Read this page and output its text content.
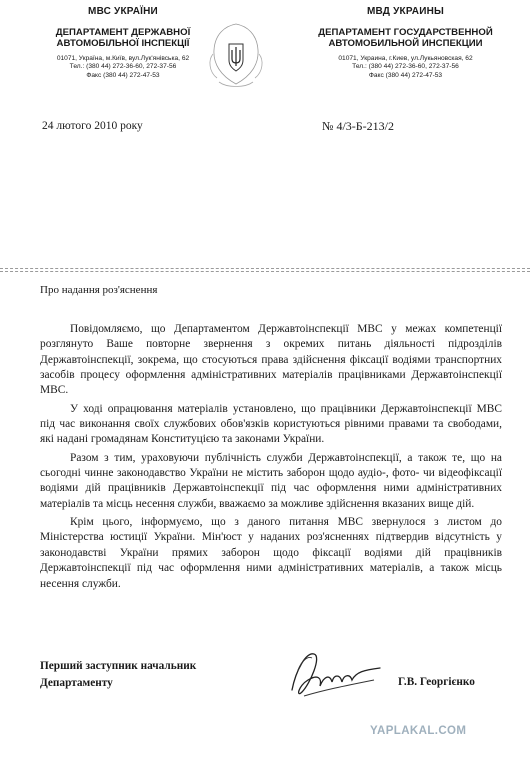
МВС УКРАЇНИ
ДЕПАРТАМЕНТ ДЕРЖАВНОЇ
АВТОМОБІЛЬНОЇ ІНСПЕКЦІЇ
01071, Україна, м.Київ, вул.Лук'янівська, 62
Тел.: (380 44) 272-36-60, 272-37-56
Факс (380 44) 272-47-53
МВД УКРАИНЫ
ДЕПАРТАМЕНТ ГОСУДАРСТВЕННОЙ
АВТОМОБИЛЬНОЙ ИНСПЕКЦИИ
01071, Украина, г.Киев, ул.Лукьяновская, 62
Тел.: (380 44) 272-36-60, 272-37-56
Факс (380 44) 272-47-53
24 лютого 2010 року	№ 4/3-Б-213/2
Про надання роз'яснення

Повідомляємо, що Департаментом Державтоінспекції МВС у межах компетенції розглянуто Ваше повторне звернення з окремих питань діяльності підрозділів Державтоінспекції, зокрема, що стосуються права здійснення фіксації водіями транспортних засобів процесу оформлення адміністративних матеріалів працівниками Державтоінспекції МВС.

У ході опрацювання матеріалів установлено, що працівники Державтоінспекції МВС під час виконання своїх службових обов'язків користуються рівними правами та свободами, які надані громадянам Конституцією та законами України.

Разом з тим, ураховуючи публічність служби Державтоінспекції, а також те, що на сьогодні чинне законодавство України не містить заборон щодо аудіо-, фото- чи відеофіксації водіями дій працівників Державтоінспекції під час оформлення ними адміністративних матеріалів та місць несення служби, вважаємо за можливе здійснення вказаних вище дій.

Крім цього, інформуємо, що з даного питання МВС звернулося з листом до Міністерства юстиції України. Мін'юст у наданих роз'ясненнях підтвердив відсутність у законодавстві України прямих заборон щодо фіксації водіями дій працівників Державтоінспекції під час оформлення ними адміністративних матеріалів, а також місць несення служби.

Перший заступник начальник
Департаменту	Г.В. Георгієнко
YAPLAKAL.COM
